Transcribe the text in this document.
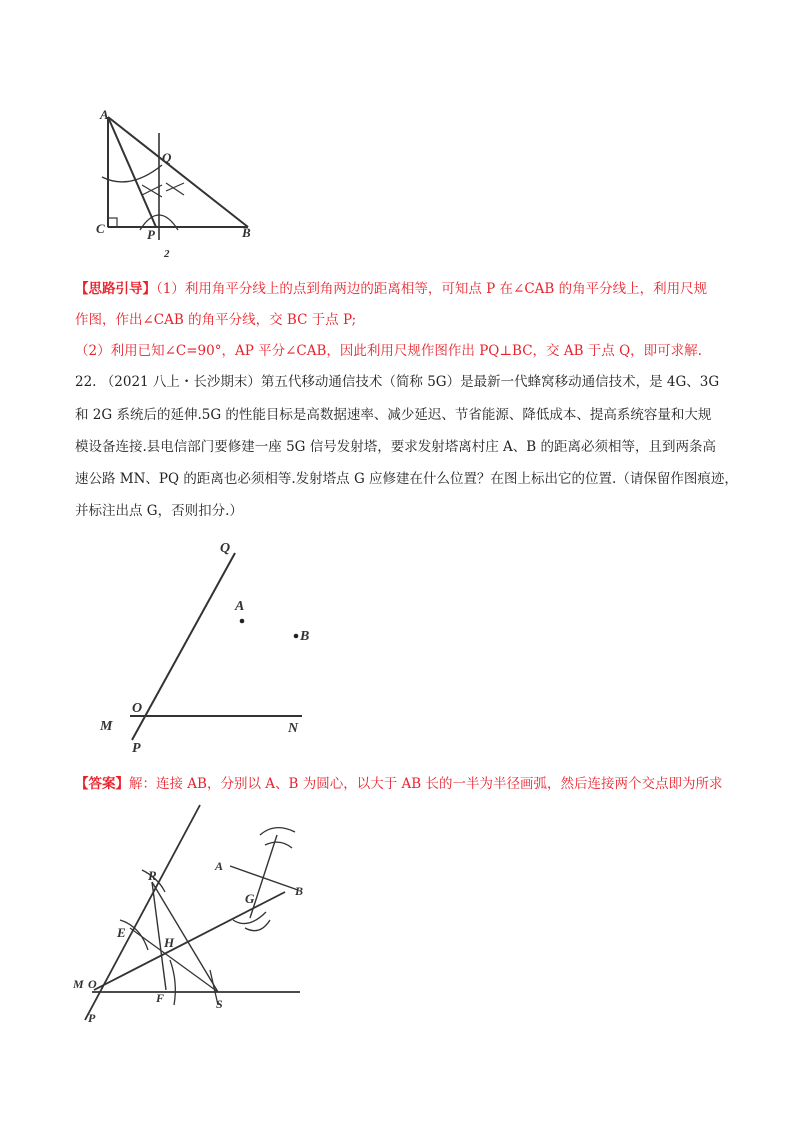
A
Q
C	P	B
2
【思路引导】（1）利用角平分线上的点到角两边的距离相等，可知点 P 在∠CAB 的角平分线上，利用尺规
作图，作出∠CAB 的角平分线，交 BC 于点 P;
（2）利用已知∠C=90°，AP 平分∠CAB，因此利用尺规作图作出 PQ⊥BC，交 AB 于点 Q，即可求解.
22. （2021 八上・长沙期末）第五代移动通信技术（简称 5G）是最新一代蜂窝移动通信技术，是 4G、3G
和 2G 系统后的延伸.5G 的性能目标是高数据速率、减少延迟、节省能源、降低成本、提高系统容量和大规
模设备连接.县电信部门要修建一座 5G 信号发射塔，要求发射塔离村庄 A、B 的距离必须相等，且到两条高
速公路 MN、PQ 的距离也必须相等.发射塔点 G 应修建在什么位置？在图上标出它的位置.（请保留作图痕迹，
并标注出点 G，否则扣分.）
Q
A
B
O
M	N
P
【答案】解：连接 AB，分别以 A、B 为圆心，以大于 AB 长的一半为半径画弧，然后连接两个交点即为所求
R
A
B
G
E
H
M O
F	S
P
